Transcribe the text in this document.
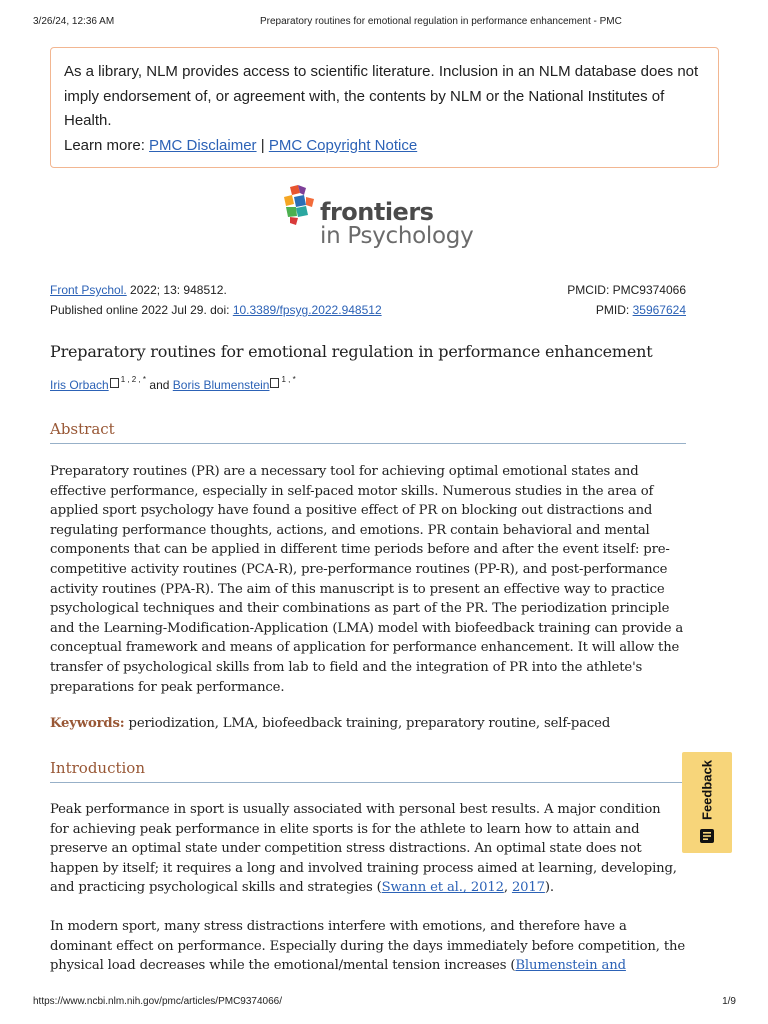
3/26/24, 12:36 AM	Preparatory routines for emotional regulation in performance enhancement - PMC

As a library, NLM provides access to scientific literature. Inclusion in an NLM database does not imply endorsement of, or agreement with, the contents by NLM or the National Institutes of Health.

Learn more: PMC Disclaimer | PMC Copyright Notice

frontiers
in Psychology
Front Psychol. 2022; 13: 948512.	PMCID: PMC9374066
Published online 2022 Jul 29. doi: 10.3389/fpsyg.2022.948512	PMID: 35967624
Preparatory routines for emotional regulation in performance enhancement
Iris Orbach $^{1 , 2 , *}$ and Boris Blumenstein $^{1 , *}$
Abstract

Preparatory routines (PR) are a necessary tool for achieving optimal emotional states and effective performance, especially in self-paced motor skills. Numerous studies in the area of applied sport psychology have found a positive effect of PR on blocking out distractions and regulating performance thoughts, actions, and emotions. PR contain behavioral and mental components that can be applied in different time periods before and after the event itself: pre-competitive activity routines (PCA-R), pre-performance routines (PP-R), and post-performance activity routines (PPA-R). The aim of this manuscript is to present an effective way to practice psychological techniques and their combinations as part of the PR. The periodization principle and the Learning-Modification-Application (LMA) model with biofeedback training can provide a conceptual framework and means of application for performance enhancement. It will allow the transfer of psychological skills from lab to field and the integration of PR into the athlete's preparations for peak performance.

Keywords: periodization, LMA, biofeedback training, preparatory routine, self-paced

Introduction

Peak performance in sport is usually associated with personal best results. A major condition for achieving peak performance in elite sports is for the athlete to learn how to attain and preserve an optimal state under competition stress distractions. An optimal state does not happen by itself; it requires a long and involved training process aimed at learning, developing, and practicing psychological skills and strategies (Swann et al., 2012, 2017).

In modern sport, many stress distractions interfere with emotions, and therefore have a dominant effect on performance. Especially during the days immediately before competition, the physical load decreases while the emotional/mental tension increases (Blumenstein and

Feedback
https://www.ncbi.nlm.nih.gov/pmc/articles/PMC9374066/	1/9
